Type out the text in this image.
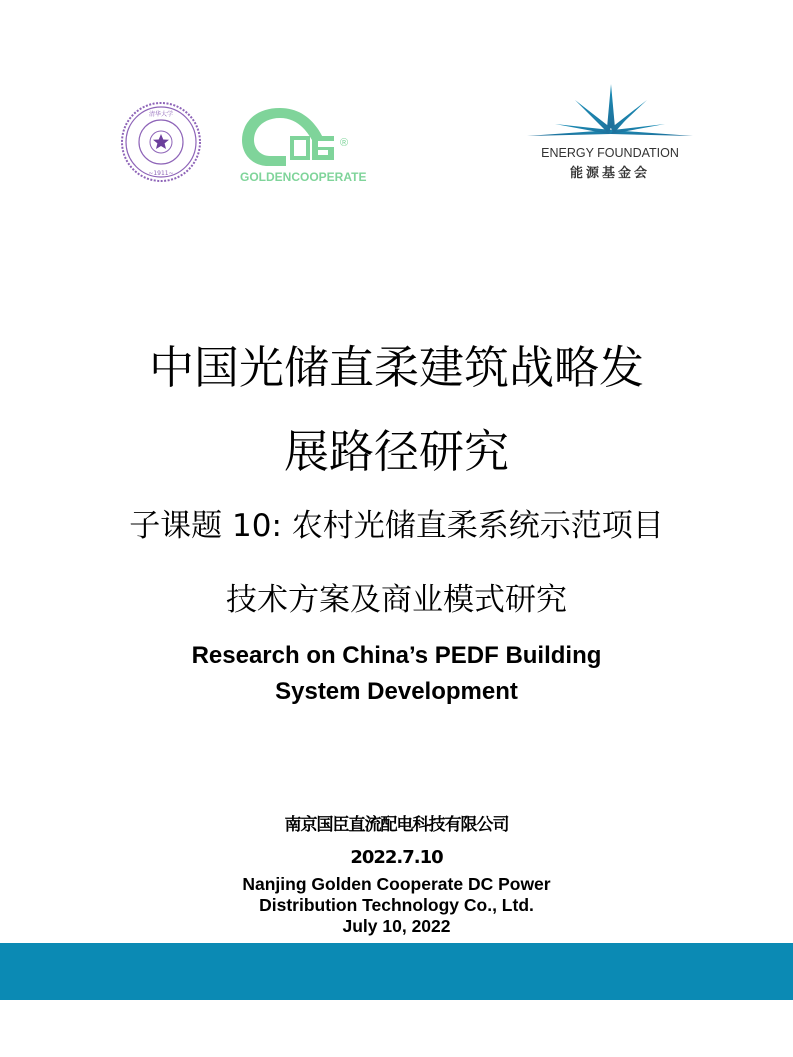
~1911~
清华大学
®
GOLDENCOOPERATE
ENERGY FOUNDATION
能源基金会
中国光储直柔建筑战略发
展路径研究
子课题 10: 农村光储直柔系统示范项目
技术方案及商业模式研究
Research on China’s PEDF Building
System Development
南京国臣直流配电科技有限公司
2022.7.10
Nanjing Golden Cooperate DC Power
Distribution Technology Co., Ltd.
July 10, 2022
